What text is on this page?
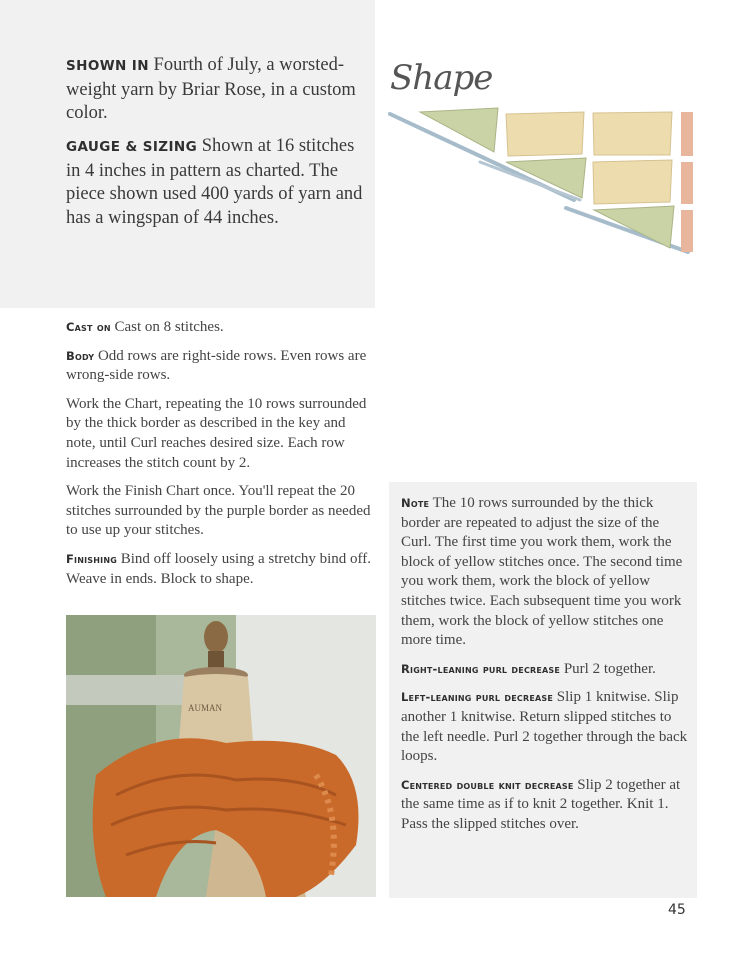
SHOWN IN Fourth of July, a worsted-weight yarn by Briar Rose, in a custom color.

GAUGE & SIZING Shown at 16 stitches in 4 inches in pattern as charted. The piece shown used 400 yards of yarn and has a wingspan of 44 inches.

Shape

Cast on Cast on 8 stitches.

Body Odd rows are right-side rows. Even rows are wrong-side rows.

Work the Chart, repeating the 10 rows surrounded by the thick border as described in the key and note, until Curl reaches desired size. Each row increases the stitch count by 2.

Work the Finish Chart once. You'll repeat the 20 stitches surrounded by the purple border as needed to use up your stitches.

Finishing Bind off loosely using a stretchy bind off. Weave in ends. Block to shape.

AUMAN

Note The 10 rows surrounded by the thick border are repeated to adjust the size of the Curl. The first time you work them, work the block of yellow stitches once. The second time you work them, work the block of yellow stitches twice. Each subsequent time you work them, work the block of yellow stitches one more time.

Right-leaning purl decrease Purl 2 together.

Left-leaning purl decrease Slip 1 knitwise. Slip another 1 knitwise. Return slipped stitches to the left needle. Purl 2 together through the back loops.

Centered double knit decrease Slip 2 together at the same time as if to knit 2 together. Knit 1. Pass the slipped stitches over.

45
